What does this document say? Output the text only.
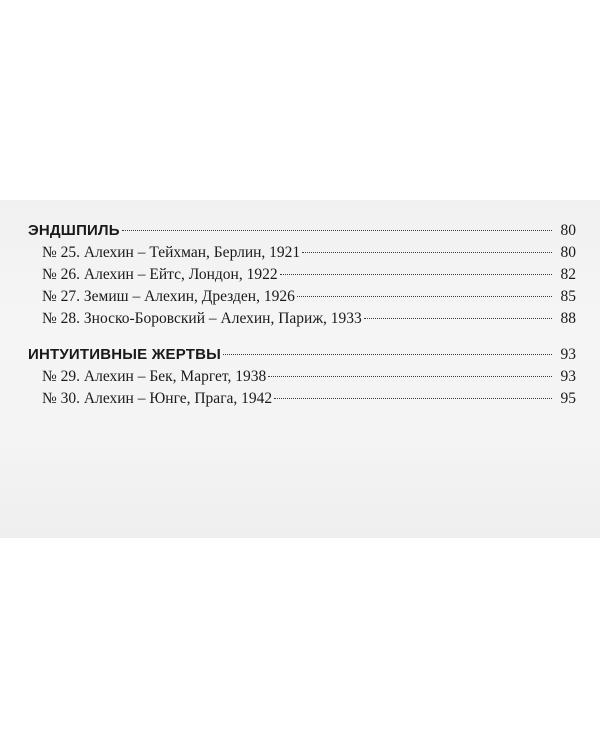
ЭНДШПИЛЬ	80
№ 25. Алехин – Тейхман, Берлин, 1921	80
№ 26. Алехин – Ейтс, Лондон, 1922	82
№ 27. Земиш – Алехин, Дрезден, 1926	85
№ 28. Зноско-Боровский – Алехин, Париж, 1933	88
ИНТУИТИВНЫЕ ЖЕРТВЫ	93
№ 29. Алехин – Бек, Маргет, 1938	93
№ 30. Алехин – Юнге, Прага, 1942	95
